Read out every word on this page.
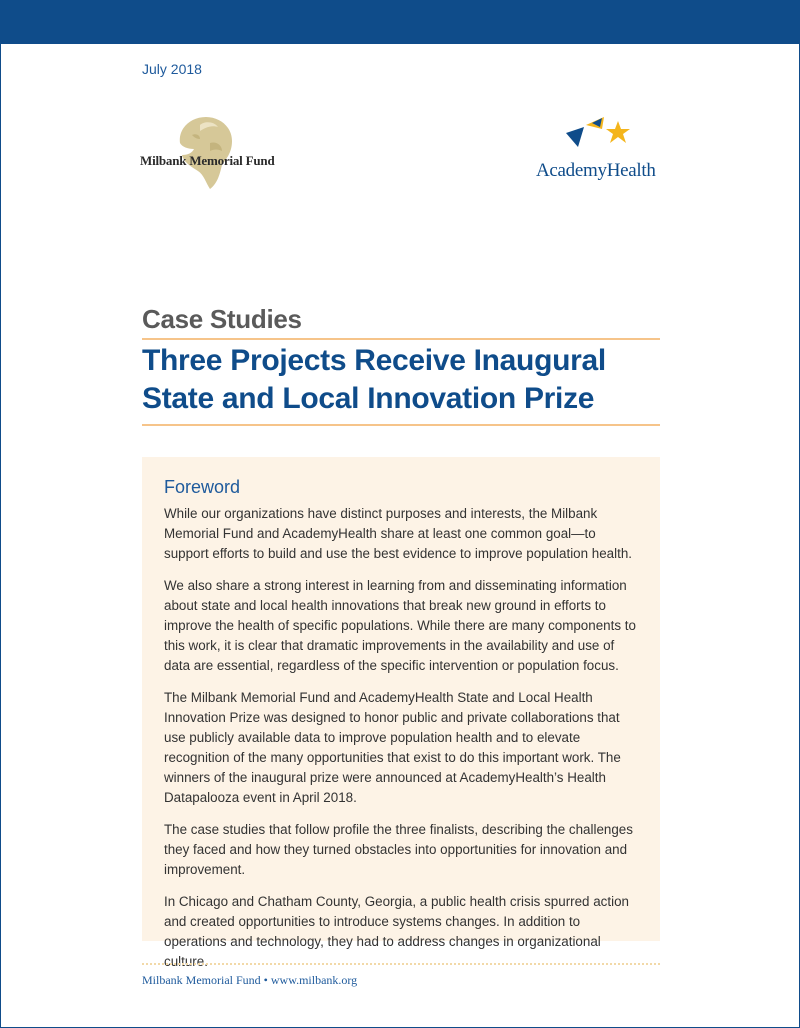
July 2018
Milbank Memorial Fund	AcademyHealth
Case Studies
Three Projects Receive Inaugural
State and Local Innovation Prize
Foreword

While our organizations have distinct purposes and interests, the Milbank Memorial Fund and AcademyHealth share at least one common goal—to support efforts to build and use the best evidence to improve population health.

We also share a strong interest in learning from and disseminating information about state and local health innovations that break new ground in efforts to improve the health of specific populations. While there are many components to this work, it is clear that dramatic improvements in the availability and use of data are essential, regardless of the specific intervention or population focus.

The Milbank Memorial Fund and AcademyHealth State and Local Health Innovation Prize was designed to honor public and private collaborations that use publicly available data to improve population health and to elevate recognition of the many opportunities that exist to do this important work. The winners of the inaugural prize were announced at AcademyHealth’s Health Datapalooza event in April 2018.

The case studies that follow profile the three finalists, describing the challenges they faced and how they turned obstacles into opportunities for innovation and improvement.

In Chicago and Chatham County, Georgia, a public health crisis spurred action and created opportunities to introduce systems changes. In addition to operations and technology, they had to address changes in organizational culture.

Milbank Memorial Fund • www.milbank.org
